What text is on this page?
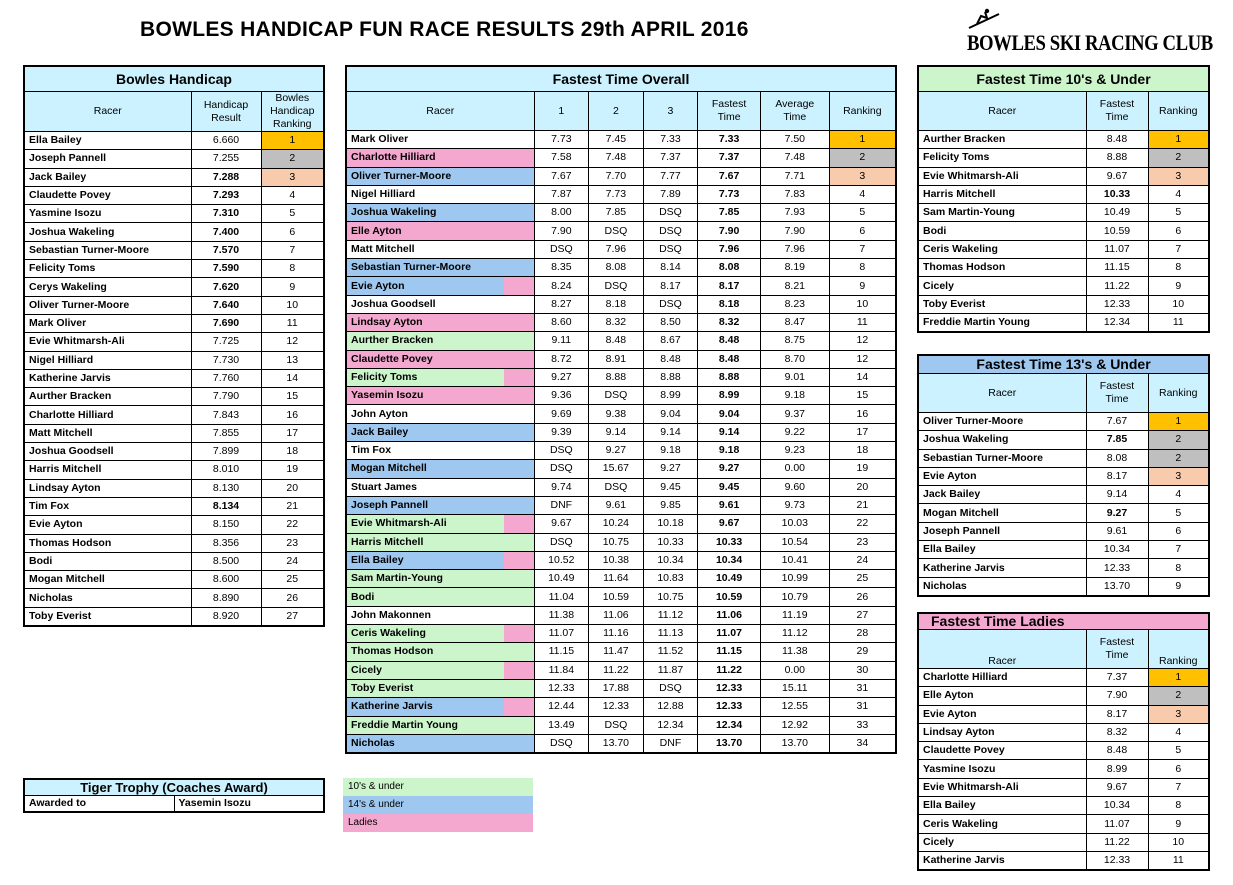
BOWLES HANDICAP FUN RACE RESULTS 29th APRIL 2016
BOWLES SKI RACING CLUB
Bowles Handicap		
Racer	Handicap Result	Bowles Handicap Ranking
Ella Bailey	6.660	1
Joseph Pannell	7.255	2
Jack Bailey	7.288	3
Claudette Povey	7.293	4
Yasmine Isozu	7.310	5
Joshua Wakeling	7.400	6
Sebastian Turner-Moore	7.570	7
Felicity Toms	7.590	8
Cerys Wakeling	7.620	9
Oliver Turner-Moore	7.640	10
Mark Oliver	7.690	11
Evie Whitmarsh-Ali	7.725	12
Nigel Hilliard	7.730	13
Katherine Jarvis	7.760	14
Aurther Bracken	7.790	15
Charlotte Hilliard	7.843	16
Matt Mitchell	7.855	17
Joshua Goodsell	7.899	18
Harris Mitchell	8.010	19
Lindsay Ayton	8.130	20
Tim Fox	8.134	21
Evie Ayton	8.150	22
Thomas Hodson	8.356	23
Bodi	8.500	24
Mogan Mitchell	8.600	25
Nicholas	8.890	26
Toby Everist	8.920	27
Fastest Time Overall						
Racer	1	2	3	Fastest Time	Average Time	Ranking
Mark Oliver	7.73	7.45	7.33	7.33	7.50	1
Charlotte Hilliard	7.58	7.48	7.37	7.37	7.48	2
Oliver Turner-Moore	7.67	7.70	7.77	7.67	7.71	3
Nigel Hilliard	7.87	7.73	7.89	7.73	7.83	4
Joshua Wakeling	8.00	7.85	DSQ	7.85	7.93	5
Elle Ayton	7.90	DSQ	DSQ	7.90	7.90	6
Matt Mitchell	DSQ	7.96	DSQ	7.96	7.96	7
Sebastian Turner-Moore	8.35	8.08	8.14	8.08	8.19	8
Evie Ayton	8.24	DSQ	8.17	8.17	8.21	9
Joshua Goodsell	8.27	8.18	DSQ	8.18	8.23	10
Lindsay Ayton	8.60	8.32	8.50	8.32	8.47	11
Aurther Bracken	9.11	8.48	8.67	8.48	8.75	12
Claudette Povey	8.72	8.91	8.48	8.48	8.70	12
Felicity Toms	9.27	8.88	8.88	8.88	9.01	14
Yasemin Isozu	9.36	DSQ	8.99	8.99	9.18	15
John Ayton	9.69	9.38	9.04	9.04	9.37	16
Jack Bailey	9.39	9.14	9.14	9.14	9.22	17
Tim Fox	DSQ	9.27	9.18	9.18	9.23	18
Mogan Mitchell	DSQ	15.67	9.27	9.27	0.00	19
Stuart James	9.74	DSQ	9.45	9.45	9.60	20
Joseph Pannell	DNF	9.61	9.85	9.61	9.73	21
Evie Whitmarsh-Ali	9.67	10.24	10.18	9.67	10.03	22
Harris Mitchell	DSQ	10.75	10.33	10.33	10.54	23
Ella Bailey	10.52	10.38	10.34	10.34	10.41	24
Sam Martin-Young	10.49	11.64	10.83	10.49	10.99	25
Bodi	11.04	10.59	10.75	10.59	10.79	26
John Makonnen	11.38	11.06	11.12	11.06	11.19	27
Ceris Wakeling	11.07	11.16	11.13	11.07	11.12	28
Thomas Hodson	11.15	11.47	11.52	11.15	11.38	29
Cicely	11.84	11.22	11.87	11.22	0.00	30
Toby Everist	12.33	17.88	DSQ	12.33	15.11	31
Katherine Jarvis	12.44	12.33	12.88	12.33	12.55	31
Freddie Martin Young	13.49	DSQ	12.34	12.34	12.92	33
Nicholas	DSQ	13.70	DNF	13.70	13.70	34
Fastest Time 10's & Under		
Racer	Fastest Time	Ranking
Aurther Bracken	8.48	1
Felicity Toms	8.88	2
Evie Whitmarsh-Ali	9.67	3
Harris Mitchell	10.33	4
Sam Martin-Young	10.49	5
Bodi	10.59	6
Ceris Wakeling	11.07	7
Thomas Hodson	11.15	8
Cicely	11.22	9
Toby Everist	12.33	10
Freddie Martin Young	12.34	11
Fastest Time 13's & Under		
Racer	Fastest Time	Ranking
Oliver Turner-Moore	7.67	1
Joshua Wakeling	7.85	2
Sebastian Turner-Moore	8.08	2
Evie Ayton	8.17	3
Jack Bailey	9.14	4
Mogan Mitchell	9.27	5
Joseph Pannell	9.61	6
Ella Bailey	10.34	7
Katherine Jarvis	12.33	8
Nicholas	13.70	9
Fastest Time Ladies		
Racer	Fastest Time	Ranking
Charlotte Hilliard	7.37	1
Elle Ayton	7.90	2
Evie Ayton	8.17	3
Lindsay Ayton	8.32	4
Claudette Povey	8.48	5
Yasmine Isozu	8.99	6
Evie Whitmarsh-Ali	9.67	7
Ella Bailey	10.34	8
Ceris Wakeling	11.07	9
Cicely	11.22	10
Katherine Jarvis	12.33	11
Tiger Trophy (Coaches Award)
Awarded to	Yasemin Isozu
10's & under
14's & under
Ladies
